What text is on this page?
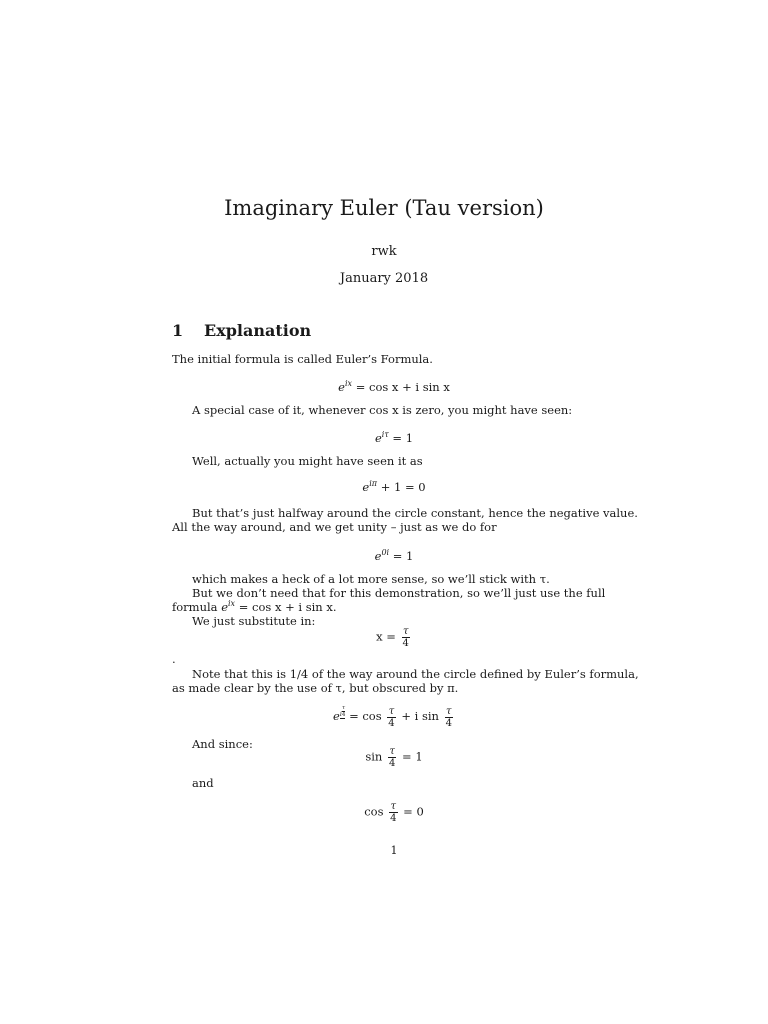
Imaginary Euler (Tau version)
rwk
January 2018
1 Explanation
The initial formula is called Euler’s Formula.
$e^{ix} = \cos x + i$ sin x
A special case of it, whenever cos x is zero, you might have seen:
$e^{i\tau} = 1$
Well, actually you might have seen it as
$e^{i\pi} + 1 = 0$
But that’s just halfway around the circle constant, hence the negative value.
All the way around, and we get unity – just as we do for
$e^{0i} = 1$
which makes a heck of a lot more sense, so we’ll stick with τ.
But we don’t need that for this demonstration, so we’ll just use the full
formula $e^{ix} = \cos x + i$ sin x.
We just substitute in:
$x = \frac{\tau}{4}$
.
Note that this is 1/4 of the way around the circle defined by Euler’s formula,
as made clear by the use of τ, but obscured by π.
e i $\frac{\tau}{4} = \cos \frac{\tau}{4} + i$ $\sin \frac{\tau}{4}$
And since:
$\sin \frac{\tau}{4} = 1$
and
$\cos \frac{\tau}{4} = 0$
1
